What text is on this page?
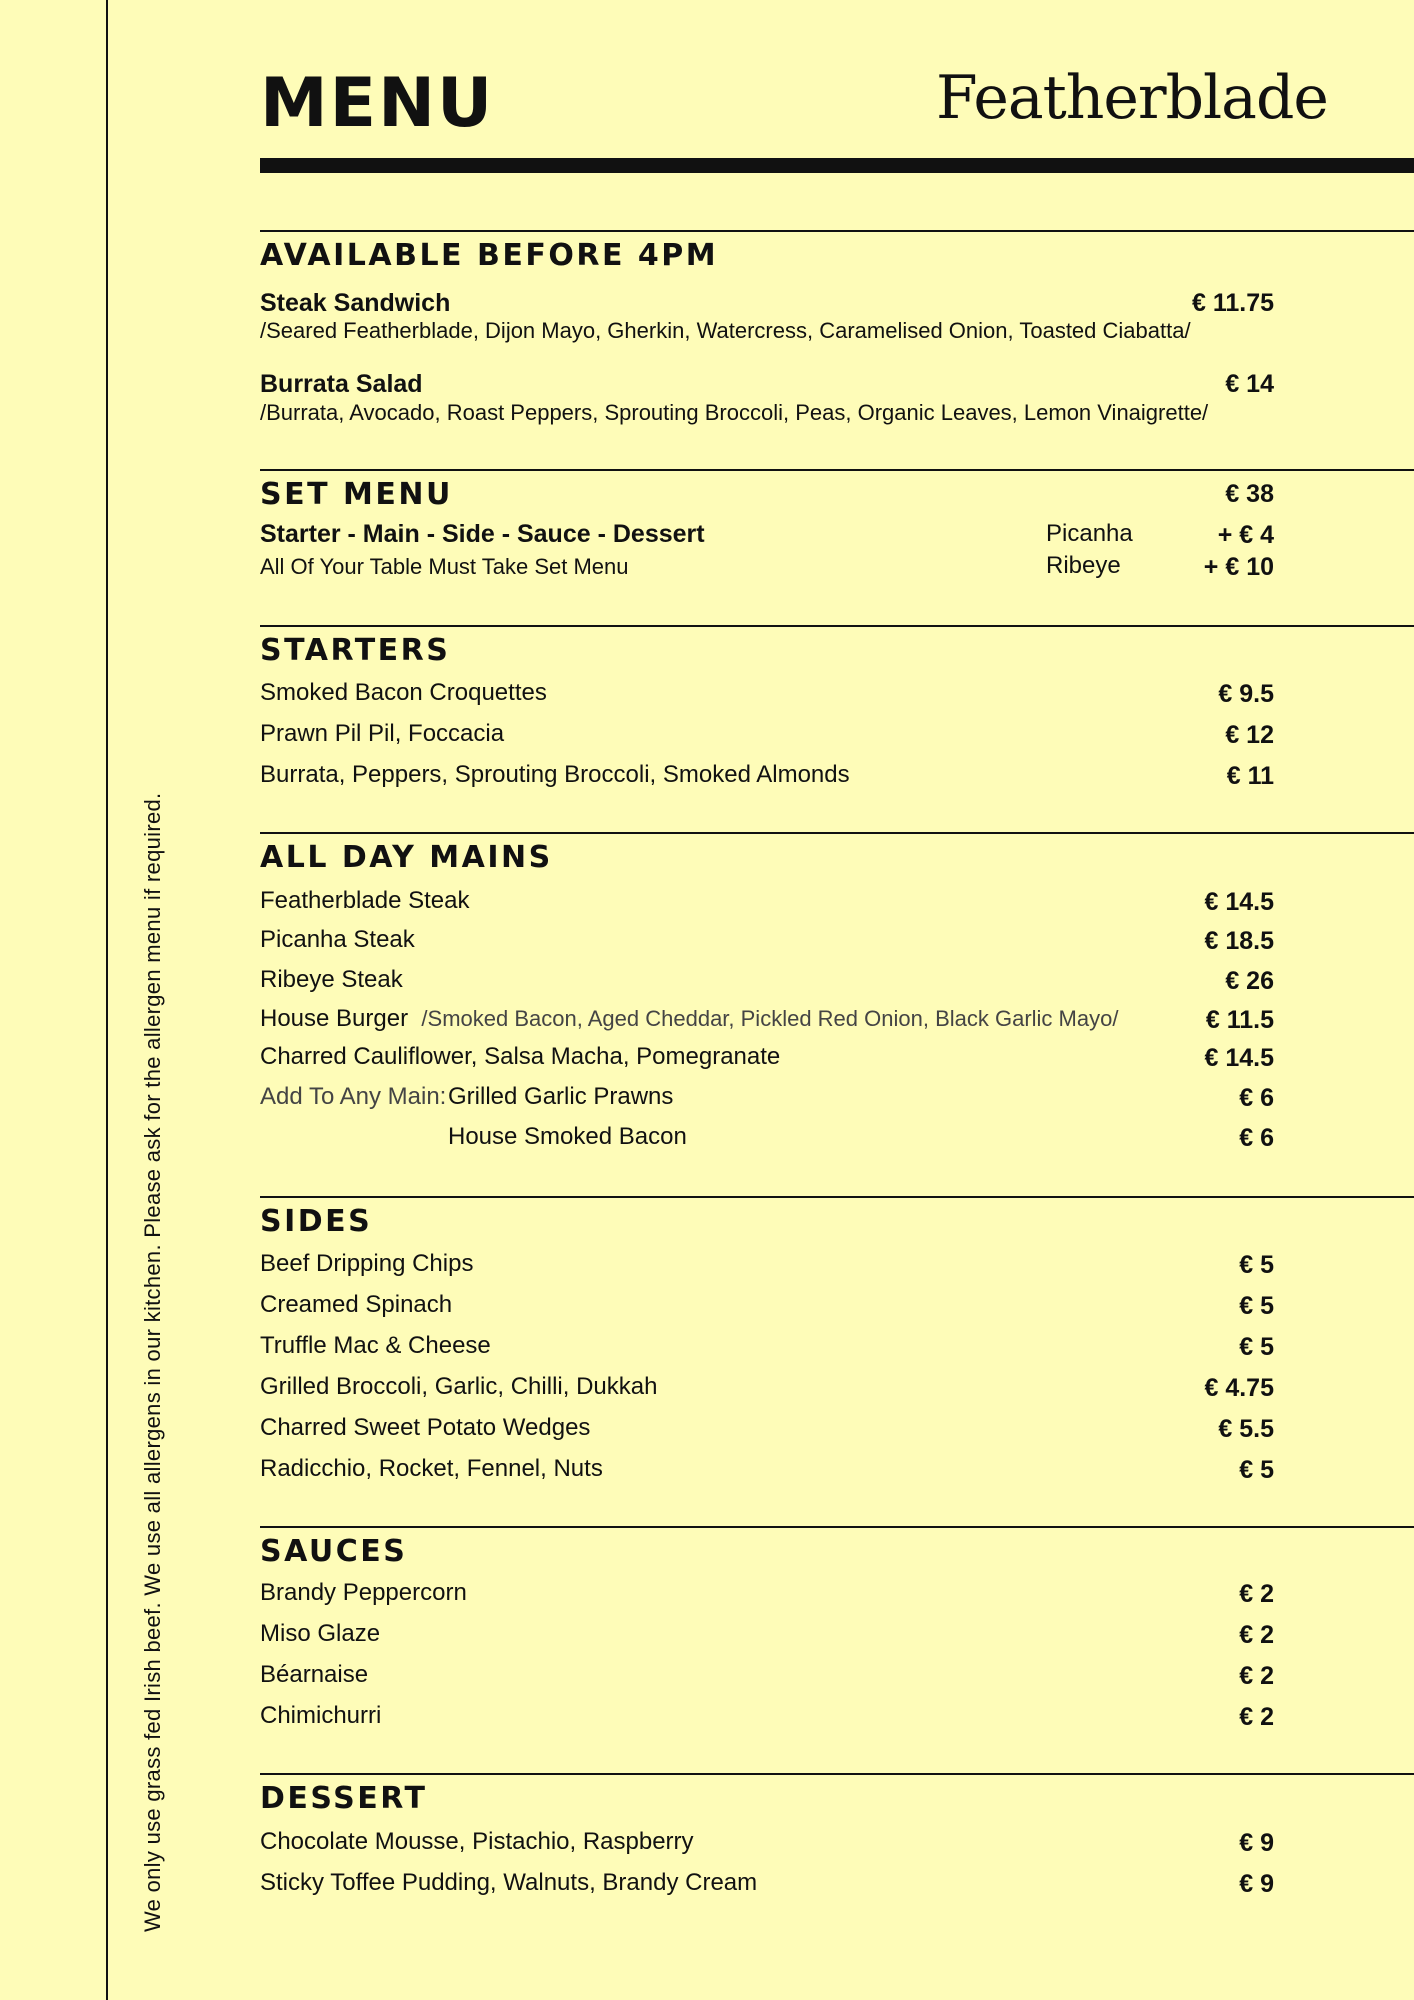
We only use grass fed Irish beef. We use all allergens in our kitchen. Please ask for the allergen menu if required.
MENU	Featherblade
AVAILABLE BEFORE 4PM
Steak Sandwich	€ 11.75
/Seared Featherblade, Dijon Mayo, Gherkin, Watercress, Caramelised Onion, Toasted Ciabatta/
Burrata Salad	€ 14
/Burrata, Avocado, Roast Peppers, Sprouting Broccoli, Peas, Organic Leaves, Lemon Vinaigrette/
SET MENU	€ 38
Starter - Main - Side - Sauce - Dessert
All Of Your Table Must Take Set Menu
Picanha	+ € 4
Ribeye	+ € 10
STARTERS
Smoked Bacon Croquettes	€ 9.5
Prawn Pil Pil, Foccacia	€ 12
Burrata, Peppers, Sprouting Broccoli, Smoked Almonds	€ 11
ALL DAY MAINS
Featherblade Steak	€ 14.5
Picanha Steak	€ 18.5
Ribeye Steak	€ 26
House Burger /Smoked Bacon, Aged Cheddar, Pickled Red Onion, Black Garlic Mayo/	€ 11.5
Charred Cauliflower, Salsa Macha, Pomegranate	€ 14.5
Add To Any Main: Grilled Garlic Prawns	€ 6
House Smoked Bacon	€ 6
SIDES
Beef Dripping Chips	€ 5
Creamed Spinach	€ 5
Truffle Mac & Cheese	€ 5
Grilled Broccoli, Garlic, Chilli, Dukkah	€ 4.75
Charred Sweet Potato Wedges	€ 5.5
Radicchio, Rocket, Fennel, Nuts	€ 5
SAUCES
Brandy Peppercorn	€ 2
Miso Glaze	€ 2
Béarnaise	€ 2
Chimichurri	€ 2
DESSERT
Chocolate Mousse, Pistachio, Raspberry	€ 9
Sticky Toffee Pudding, Walnuts, Brandy Cream	€ 9
